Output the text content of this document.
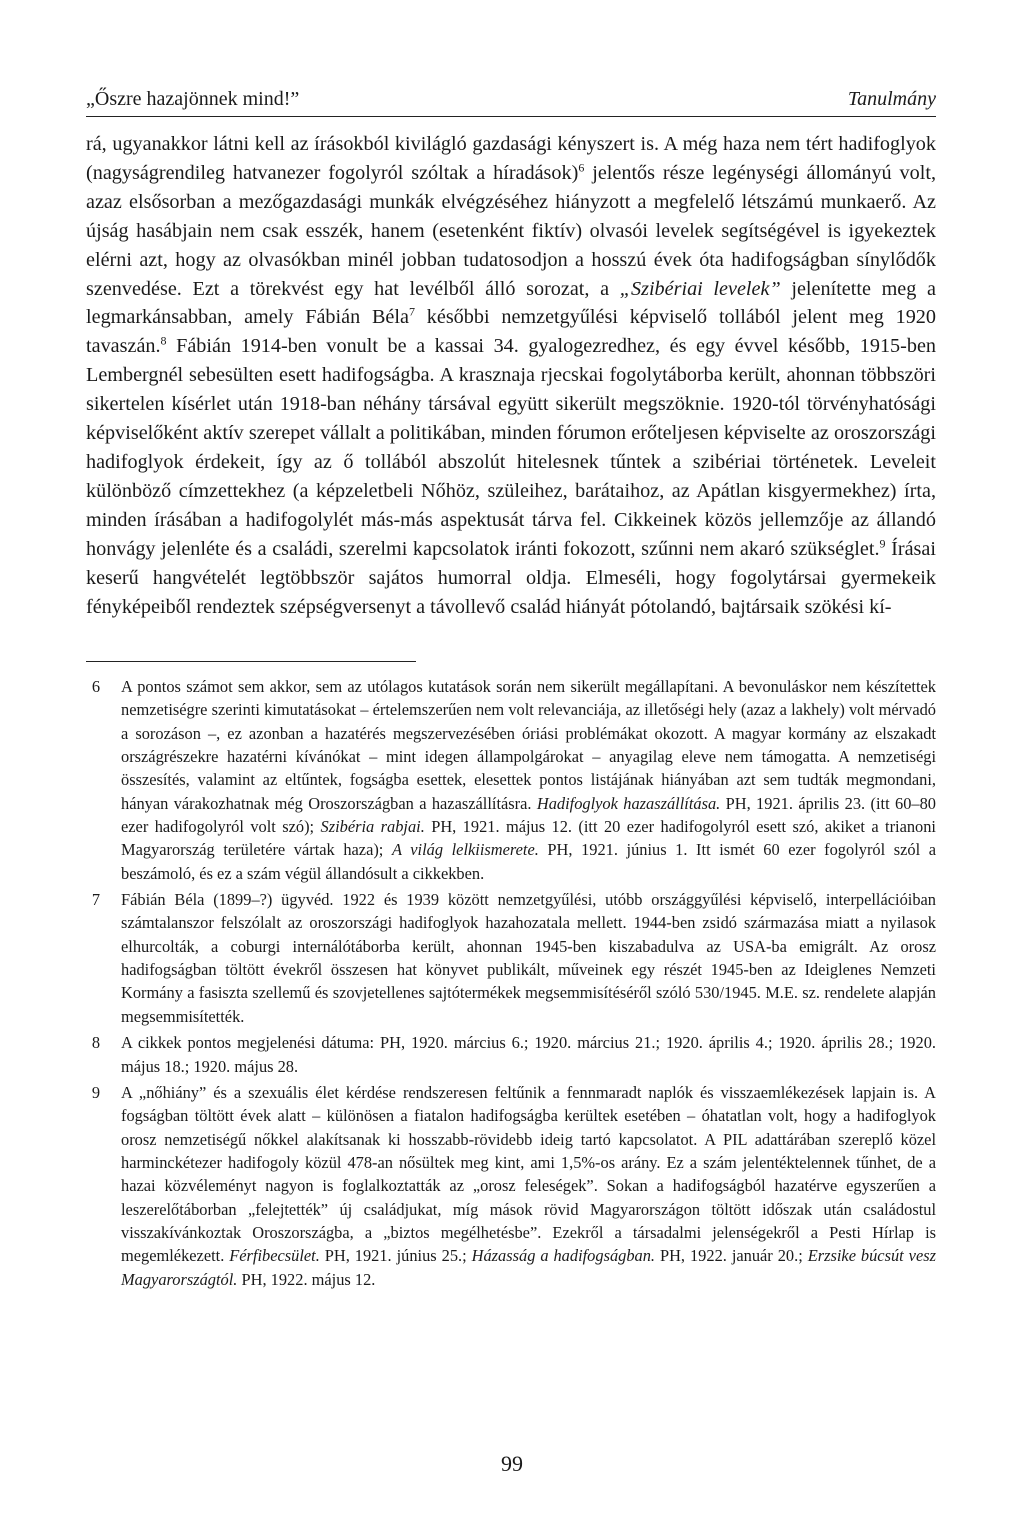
„Őszre hazajönnek mind!”	Tanulmány

rá, ugyanakkor látni kell az írásokból kivilágló gazdasági kényszert is. A még haza nem tért hadifoglyok (nagyságrendileg hatvanezer fogolyról szóltak a híradások)$^6$ jelentős része legénységi állományú volt, azaz elsősorban a mezőgazdasági munkák elvégzéséhez hiányzott a megfelelő létszámú munkaerő. Az újság hasábjain nem csak esszék, hanem (esetenként fiktív) olvasói levelek segítségével is igyekeztek elérni azt, hogy az olvasókban minél jobban tudatosodjon a hosszú évek óta hadifogságban sínylődők szenvedése. Ezt a törekvést egy hat levélből álló sorozat, a „Szibériai levelek” jelenítette meg a legmarkánsabban, amely Fábián Béla$^7$ későbbi nemzetgyűlési képviselő tollából jelent meg 1920 tavaszán.$^8$ Fábián 1914-ben vonult be a kassai 34. gyalogezredhez, és egy évvel később, 1915-ben Lembergnél sebesülten esett hadifogságba. A krasznaja rjecskai fogolytáborba került, ahonnan többszöri sikertelen kísérlet után 1918-ban néhány társával együtt sikerült megszöknie. 1920-tól törvényhatósági képviselőként aktív szerepet vállalt a politikában, minden fórumon erőteljesen képviselte az oroszországi hadifoglyok érdekeit, így az ő tollából abszolút hitelesnek tűntek a szibériai történetek. Leveleit különböző címzettekhez (a képzeletbeli Nőhöz, szüleihez, barátaihoz, az Apátlan kisgyermekhez) írta, minden írásában a hadifogolylét más-más aspektusát tárva fel. Cikkeinek közös jellemzője az állandó honvágy jelenléte és a családi, szerelmi kapcsolatok iránti fokozott, szűnni nem akaró szükséglet.$^9$ Írásai keserű hangvételét legtöbbször sajátos humorral oldja. Elmeséli, hogy fogolytársai gyermekeik fényképeiből rendeztek szépségversenyt a távollevő család hiányát pótolandó, bajtársaik szökési kí-

6	A pontos számot sem akkor, sem az utólagos kutatások során nem sikerült megállapítani. A bevonuláskor nem készítettek nemzetiségre szerinti kimutatásokat – értelemszerűen nem volt relevanciája, az illetőségi hely (azaz a lakhely) volt mérvadó a sorozáson –, ez azonban a hazatérés megszervezésében óriási problémákat okozott. A magyar kormány az elszakadt országrészekre hazatérni kívánókat – mint idegen állampolgárokat – anyagilag eleve nem támogatta. A nemzetiségi összesítés, valamint az eltűntek, fogságba esettek, elesettek pontos listájának hiányában azt sem tudták megmondani, hányan várakozhatnak még Oroszországban a hazaszállításra. Hadifoglyok hazaszállítása. PH, 1921. április 23. (itt 60–80 ezer hadifogolyról volt szó); Szibéria rabjai. PH, 1921. május 12. (itt 20 ezer hadifogolyról esett szó, akiket a trianoni Magyarország területére vártak haza); A világ lelkiismerete. PH, 1921. június 1. Itt ismét 60 ezer fogolyról szól a beszámoló, és ez a szám végül állandósult a cikkekben.

7	Fábián Béla (1899–?) ügyvéd. 1922 és 1939 között nemzetgyűlési, utóbb országgyűlési képviselő, interpellációiban számtalanszor felszólalt az oroszországi hadifoglyok hazahozatala mellett. 1944-ben zsidó származása miatt a nyilasok elhurcolták, a coburgi internálótáborba került, ahonnan 1945-ben kiszabadulva az USA-ba emigrált. Az orosz hadifogságban töltött évekről összesen hat könyvet publikált, műveinek egy részét 1945-ben az Ideiglenes Nemzeti Kormány a fasiszta szellemű és szovjetellenes sajtótermékek megsemmisítéséről szóló 530/1945. M.E. sz. rendelete alapján megsemmisítették.

8	A cikkek pontos megjelenési dátuma: PH, 1920. március 6.; 1920. március 21.; 1920. április 4.; 1920. április 28.; 1920. május 18.; 1920. május 28.

9	A „nőhiány” és a szexuális élet kérdése rendszeresen feltűnik a fennmaradt naplók és visszaemlékezések lapjain is. A fogságban töltött évek alatt – különösen a fiatalon hadifogságba kerültek esetében – óhatatlan volt, hogy a hadifoglyok orosz nemzetiségű nőkkel alakítsanak ki hosszabb-rövidebb ideig tartó kapcsolatot. A PIL adattárában szereplő közel harminckétezer hadifogoly közül 478-an nősültek meg kint, ami 1,5%-os arány. Ez a szám jelentéktelennek tűnhet, de a hazai közvéleményt nagyon is foglalkoztatták az „orosz feleségek”. Sokan a hadifogságból hazatérve egyszerűen a leszerelőtáborban „felejtették” új családjukat, míg mások rövid Magyarországon töltött időszak után családostul visszakívánkoztak Oroszországba, a „biztos megélhetésbe”. Ezekről a társadalmi jelenségekről a Pesti Hírlap is megemlékezett. Férfibecsület. PH, 1921. június 25.; Házasság a hadifogságban. PH, 1922. január 20.; Erzsike búcsút vesz Magyarországtól. PH, 1922. május 12.

99
